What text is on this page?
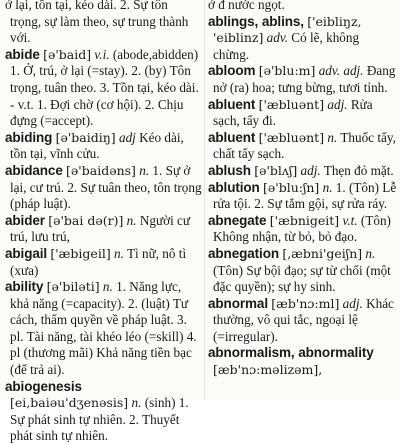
ở lại, tồn tại, kéo dài. 2. Sự tôn trọng, sự làm theo, sự trung thành với.

abide [ə'baid] v.i. (abode,abidden) 1. Ở, trú, ở lại (=stay). 2. (by) Tôn trọng, tuân theo. 3. Tồn tại, kéo dài. - v.t. 1. Đợi chờ (cơ hội). 2. Chịu đựng (=accept).

abiding [ə'baidiŋ] adj Kéo dài, tồn tại, vĩnh cửu.

abidance [ə'baidəns] n. 1. Sự ở lại, cư trú. 2. Sự tuân theo, tôn trọng (pháp luật).

abider [ə'bai də(r)] n. Người cư trú, lưu trú,

abigail ['æbigeil] n. Tì nữ, nô tì (xưa)

ability [ə'biləti] n. 1. Năng lực, khả năng (=capacity). 2. (luật) Tư cách, thẩm quyền về pháp luật. 3. pl. Tài năng, tài khéo léo (=skill) 4. pl (thương mãi) Khả năng tiền bạc (để trả ai).

abiogenesis
[ei,baiəu'dʒenəsis] n. (sinh) 1. Sự phát sinh tự nhiên. 2. Thuyết phát sinh tự nhiên.

ở đ nước ngọt.

ablings, ablins, ['eibliŋz, 'eiblinz] adv. Có lẽ, không chừng.

abloom [ə'blu:m] adv. adj. Đang nở (ra) hoa; tưng bừng, tươi tỉnh.

abluent ['æbluənt] adj. Rửa sạch, tẩy đi.

abluent ['æbluənt] n. Thuốc tẩy, chất tẩy sạch.

ablush [ə'blʌʃ] adj. Thẹn đỏ mặt.

ablution [ə'blu:ʃn] n. 1. (Tôn) Lễ rửa tội. 2. Sự tắm gội, sự rửa ráy.

abnegate ['æbnigeit] v.t. (Tôn) Không nhận, từ bỏ, bỏ đạo.

abnegation [,æbni'geiʃn] n. (Tôn) Sự bội đạo; sự từ chối (một đặc quyền); sự hy sinh.

abnormal [æb'nɔ:ml] adj. Khác thường, vô qui tắc, ngoại lệ (=irregular).

abnormalism, abnormality [æb'nɔ:məlizəm],
